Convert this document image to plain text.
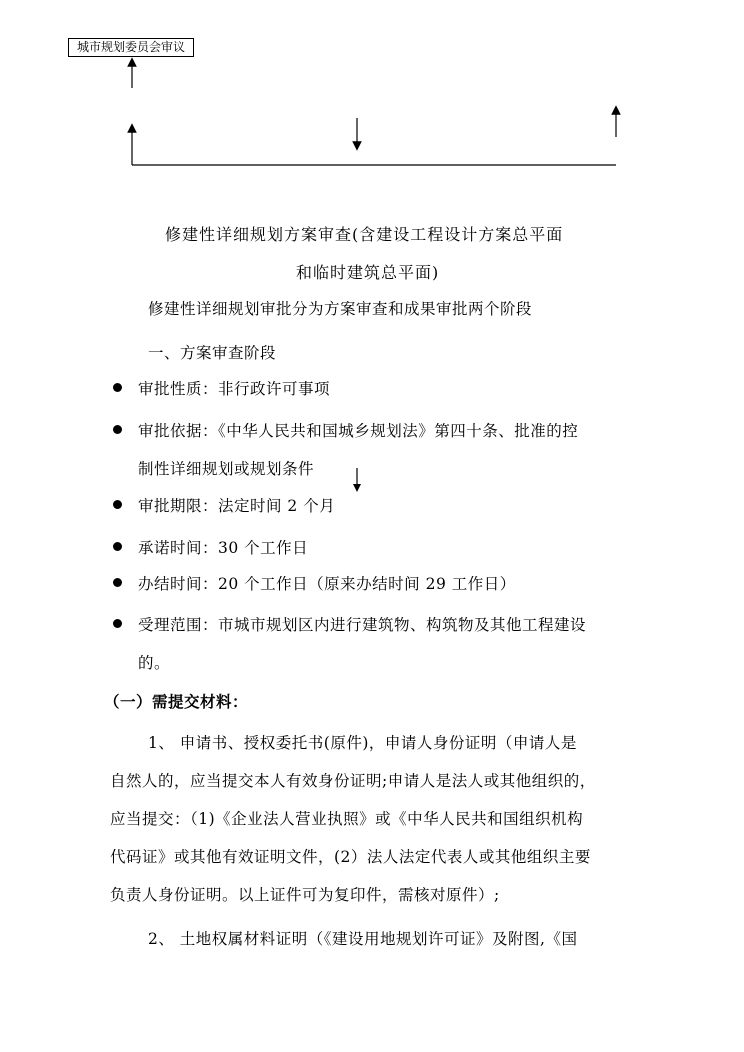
城市规划委员会审议
修建性详细规划方案审查(含建设工程设计方案总平面
和临时建筑总平面)
修建性详细规划审批分为方案审查和成果审批两个阶段
一、方案审查阶段
审批性质：非行政许可事项
审批依据：《中华人民共和国城乡规划法》第四十条、批准的控
制性详细规划或规划条件
审批期限：法定时间 2 个月
承诺时间：30 个工作日
办结时间：20 个工作日（原来办结时间 29 工作日）
受理范围：市城市规划区内进行建筑物、构筑物及其他工程建设
的。
（一）需提交材料：
1、 申请书、授权委托书(原件)，申请人身份证明（申请人是
自然人的，应当提交本人有效身份证明;申请人是法人或其他组织的，
应当提交：（1)《企业法人营业执照》或《中华人民共和国组织机构
代码证》或其他有效证明文件，(2）法人法定代表人或其他组织主要
负责人身份证明。以上证件可为复印件，需核对原件）;
2、 土地权属材料证明（《建设用地规划许可证》及附图,《国
